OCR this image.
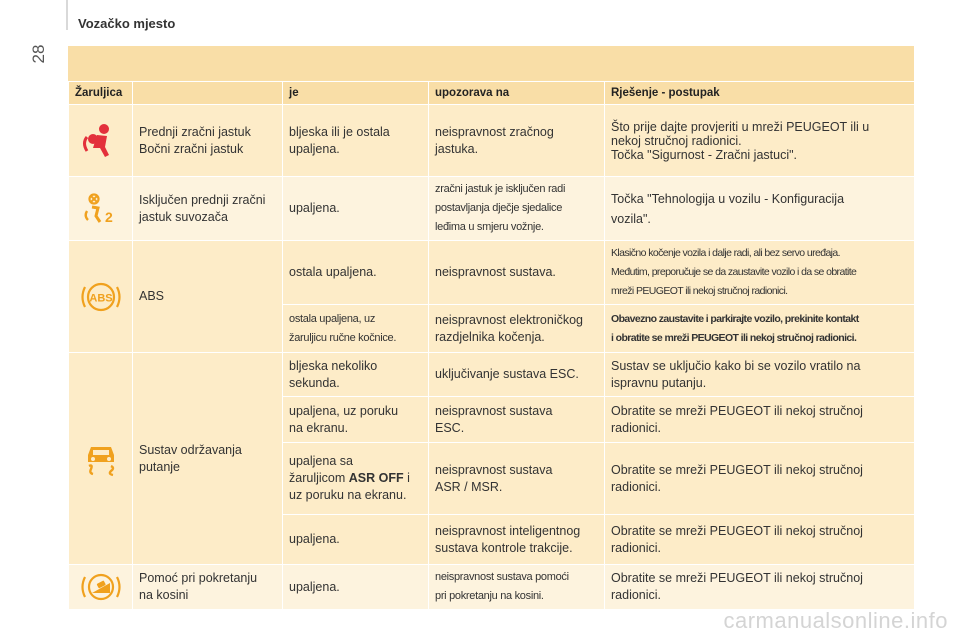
28
Vozačko mjesto
Žaruljica		je	upozorava na	Rješenje - postupak

	Prednji zračni jastuk
Bočni zračni jastuk	bljeska ili je ostala
upaljena.	neispravnost zračnog
jastuka.	Što prije dajte provjeriti u mreži PEUGEOT ili u
nekoj stručnoj radionici.
Točka "Sigurnost - Zračni jastuci".

2	Isključen prednji zračni
jastuk suvozača	upaljena.	zračni jastuk je isključen radi
postavljanja dječje sjedalice
leđima u smjeru vožnje.	Točka "Tehnologija u vozilu - Konfiguracija
vozila".

ABS	ABS	ostala upaljena.	neispravnost sustava.	Klasično kočenje vozila i dalje radi, ali bez servo uređaja.
Međutim, preporučuje se da zaustavite vozilo i da se obratite
mreži PEUGEOT ili nekoj stručnoj radionici.
		ostala upaljena, uz
žaruljicu ručne kočnice.	neispravnost elektroničkog
razdjelnika kočenja.	Obavezno zaustavite i parkirajte vozilo, prekinite kontakt
i obratite se mreži PEUGEOT ili nekoj stručnoj radionici.

	Sustav održavanja
putanje	bljeska nekoliko
sekunda.	uključivanje sustava ESC.	Sustav se uključio kako bi se vozilo vratilo na
ispravnu putanju.
		upaljena, uz poruku
na ekranu.	neispravnost sustava
ESC.	Obratite se mreži PEUGEOT ili nekoj stručnoj
radionici.
		upaljena sa
žaruljicom ASR OFF i
uz poruku na ekranu.	neispravnost sustava
ASR / MSR.	Obratite se mreži PEUGEOT ili nekoj stručnoj
radionici.
		upaljena.	neispravnost inteligentnog
sustava kontrole trakcije.	Obratite se mreži PEUGEOT ili nekoj stručnoj
radionici.

	Pomoć pri pokretanju
na kosini	upaljena.	neispravnost sustava pomoći
pri pokretanju na kosini.	Obratite se mreži PEUGEOT ili nekoj stručnoj
radionici.
carmanualsonline.info
